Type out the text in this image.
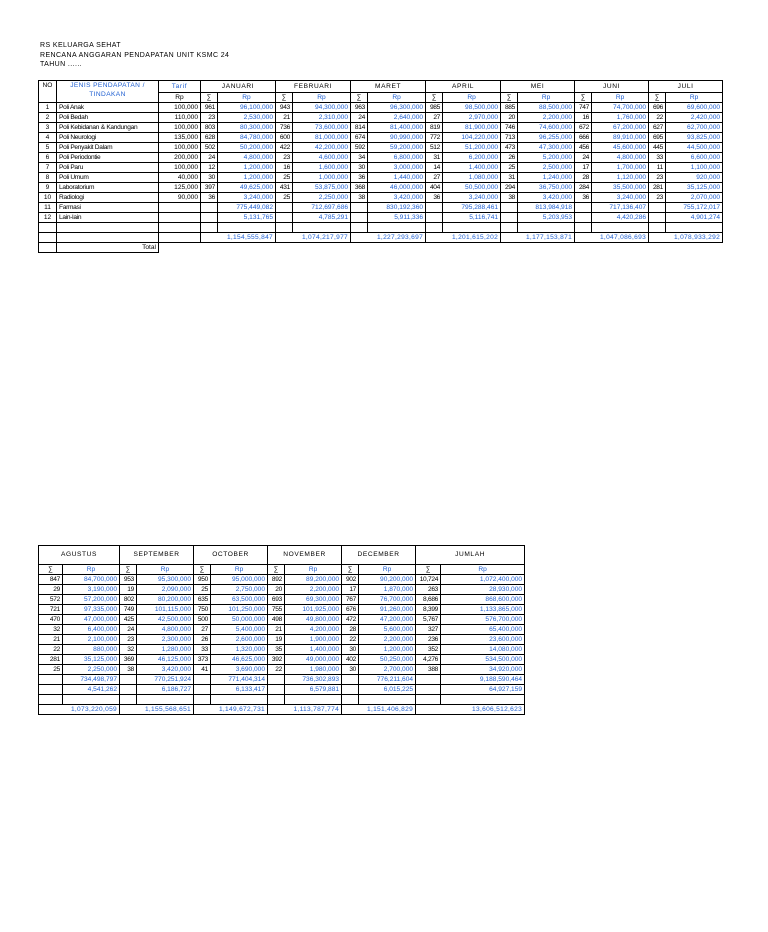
RS KELUARGA SEHAT
RENCANA ANGGARAN PENDAPATAN UNIT KSMC 24
TAHUN ......
NO	JENIS PENDAPATAN / TINDAKAN	Tarif	JANUARI		FEBRUARI		MARET		APRIL		MEI		JUNI		JULI	
		Rp	∑	Rp	∑	Rp	∑	Rp	∑	Rp	∑	Rp	∑	Rp	∑	Rp
1	Poli Anak	100,000	961	96,100,000	943	94,300,000	963	96,300,000	985	98,500,000	885	88,500,000	747	74,700,000	696	69,600,000
2	Poli Bedah	110,000	23	2,530,000	21	2,310,000	24	2,640,000	27	2,970,000	20	2,200,000	16	1,760,000	22	2,420,000
3	Poli Kebidanan & Kandungan	100,000	803	80,300,000	736	73,600,000	814	81,400,000	819	81,900,000	746	74,600,000	672	67,200,000	627	62,700,000
4	Poli Neurologi	135,000	628	84,780,000	600	81,000,000	674	90,990,000	772	104,220,000	713	96,255,000	666	89,910,000	695	93,825,000
5	Poli Penyakit Dalam	100,000	502	50,200,000	422	42,200,000	592	59,200,000	512	51,200,000	473	47,300,000	456	45,600,000	445	44,500,000
6	Poli Periodontie	200,000	24	4,800,000	23	4,600,000	34	6,800,000	31	6,200,000	26	5,200,000	24	4,800,000	33	6,600,000
7	Poli Paru	100,000	12	1,200,000	16	1,600,000	30	3,000,000	14	1,400,000	25	2,500,000	17	1,700,000	11	1,100,000
8	Poli Umum	40,000	30	1,200,000	25	1,000,000	36	1,440,000	27	1,080,000	31	1,240,000	28	1,120,000	23	920,000
9	Laboratorium	125,000	397	49,625,000	431	53,875,000	368	46,000,000	404	50,500,000	294	36,750,000	284	35,500,000	281	35,125,000
10	Radiologi	90,000	36	3,240,000	25	2,250,000	38	3,420,000	36	3,240,000	38	3,420,000	36	3,240,000	23	2,070,000
11	Farmasi			775,449,082		712,697,686		830,192,360		795,288,461		813,984,918		717,136,407		755,172,017
12	Lain-lain			5,131,765		4,785,291		5,911,336		5,116,741		5,203,953		4,420,286		4,901,274

			1,154,555,847		1,074,217,977		1,227,293,697		1,201,615,202		1,177,153,871		1,047,086,693		1,078,933,292	
	Total															
AGUSTUS		SEPTEMBER		OCTOBER		NOVEMBER		DECEMBER		JUMLAH	
∑	Rp	∑	Rp	∑	Rp	∑	Rp	∑	Rp	∑	Rp
847	84,700,000	953	95,300,000	950	95,000,000	892	89,200,000	902	90,200,000	10,724	1,072,400,000
29	3,190,000	19	2,090,000	25	2,750,000	20	2,200,000	17	1,870,000	263	28,930,000
572	57,200,000	802	80,200,000	635	63,500,000	693	69,300,000	767	76,700,000	8,686	868,600,000
721	97,335,000	749	101,115,000	750	101,250,000	755	101,925,000	676	91,260,000	8,399	1,133,865,000
470	47,000,000	425	42,500,000	500	50,000,000	498	49,800,000	472	47,200,000	5,767	576,700,000
32	6,400,000	24	4,800,000	27	5,400,000	21	4,200,000	28	5,600,000	327	65,400,000
21	2,100,000	23	2,300,000	26	2,600,000	19	1,900,000	22	2,200,000	236	23,600,000
22	880,000	32	1,280,000	33	1,320,000	35	1,400,000	30	1,200,000	352	14,080,000
281	35,125,000	369	46,125,000	373	46,625,000	392	49,000,000	402	50,250,000	4,276	534,500,000
25	2,250,000	38	3,420,000	41	3,690,000	22	1,980,000	30	2,700,000	388	34,920,000
	734,498,797		770,251,924		771,404,314		736,302,893		776,211,604		9,188,590,464
	4,541,262		6,186,727		6,133,417		6,579,881		6,015,225		64,927,159

1,073,220,059		1,155,568,651		1,149,672,731		1,113,787,774		1,151,406,829		13,606,512,623	
